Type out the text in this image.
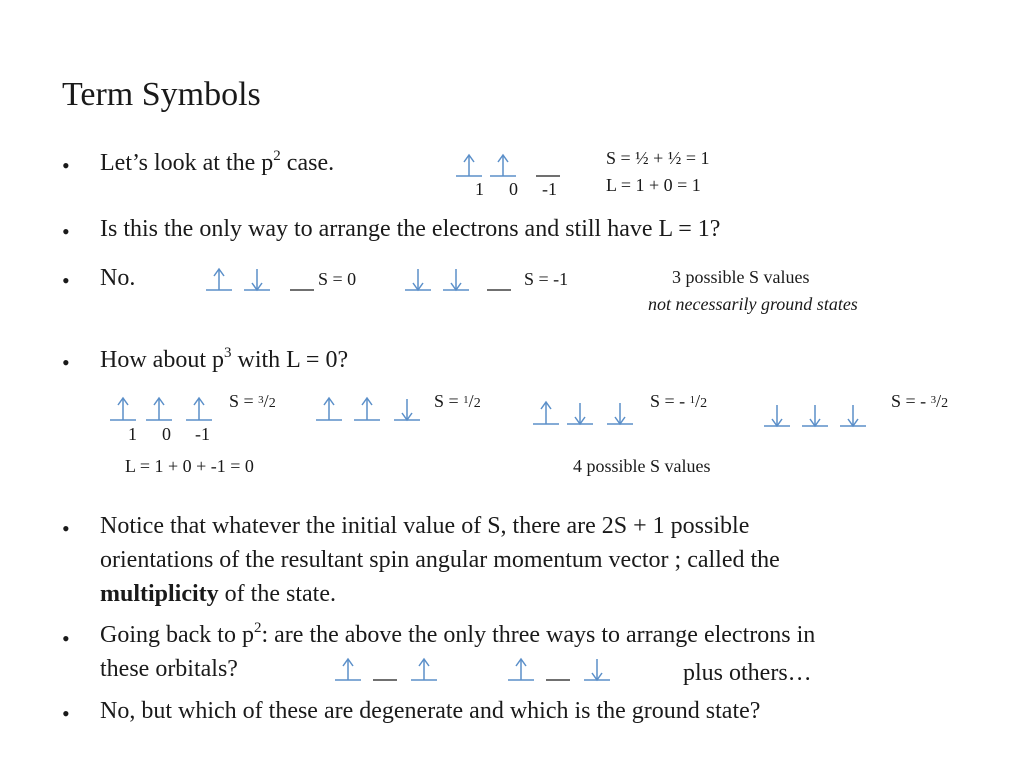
Term Symbols
• Let’s look at the $p^2$ case.
1 0 -1
S = ½ + ½ = 1
L = 1 + 0 = 1
• Is this the only way to arrange the electrons and still have L = 1?
• No.	S = 0	S = -1	3 possible S values
not necessarily ground states
• How about $p^3$ with L = 0?
S = $^3$/2
1 0 -1
S = $^1$/2	S = - $^1$/2	S = - $^3$/2
L = 1 + 0 + -1 = 0	4 possible S values
• Notice that whatever the initial value of S, there are 2S + 1 possible
orientations of the resultant spin angular momentum vector ; called the
multiplicity of the state.
• Going back to $p^2$: are the above the only three ways to arrange electrons in
these orbitals?	plus others…
• No, but which of these are degenerate and which is the ground state?
